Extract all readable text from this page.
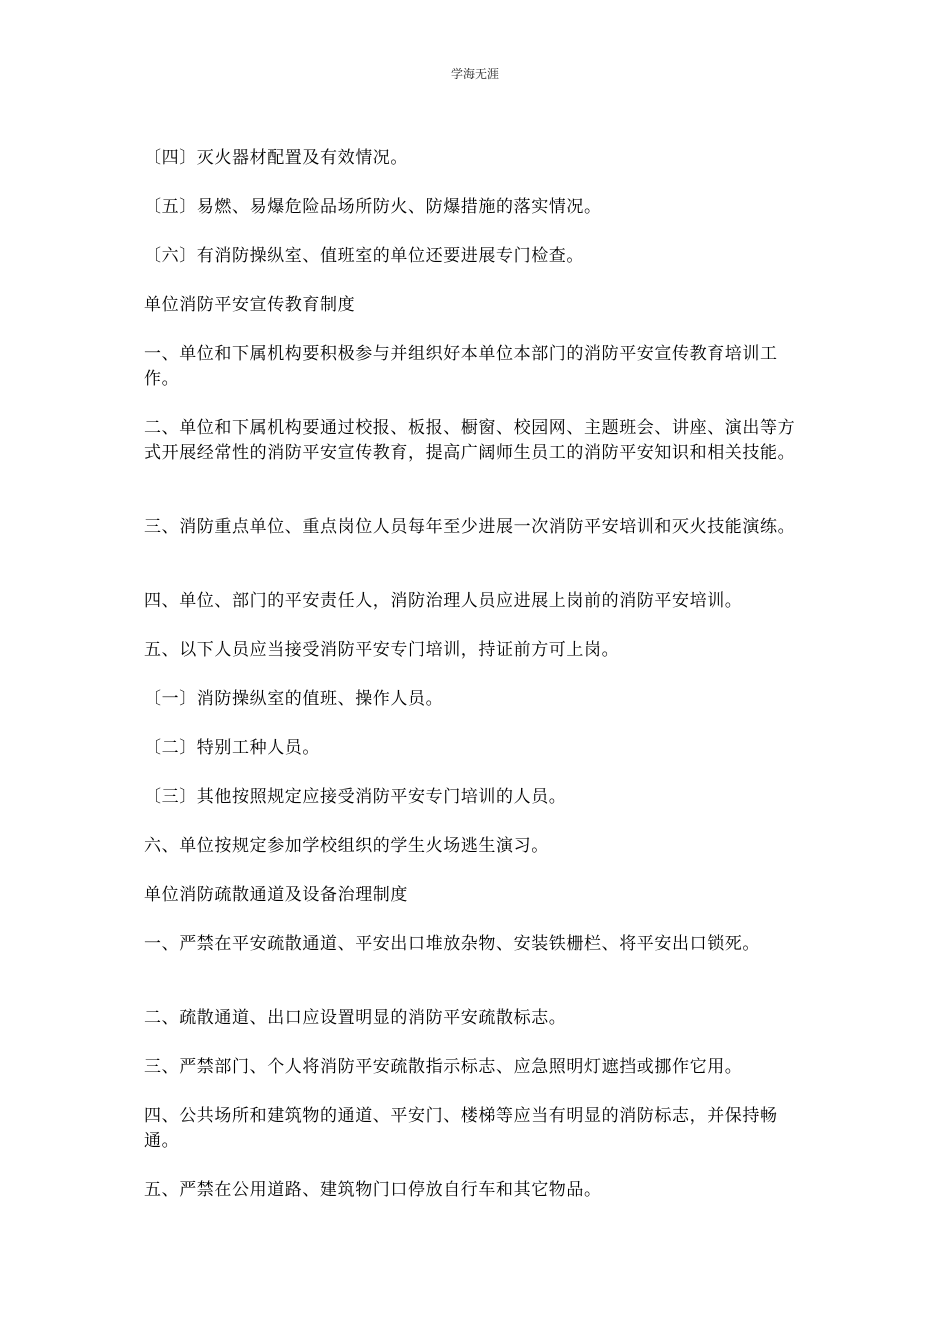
学海无涯

〔四〕灭火器材配置及有效情况。

〔五〕易燃、易爆危险品场所防火、防爆措施的落实情况。

〔六〕有消防操纵室、值班室的单位还要进展专门检查。

单位消防平安宣传教育制度

一、单位和下属机构要积极参与并组织好本单位本部门的消防平安宣传教育培训工作。

二、单位和下属机构要通过校报、板报、橱窗、校园网、主题班会、讲座、演出等方式开展经常性的消防平安宣传教育，提高广阔师生员工的消防平安知识和相关技能。

三、消防重点单位、重点岗位人员每年至少进展一次消防平安培训和灭火技能演练。

四、单位、部门的平安责任人，消防治理人员应进展上岗前的消防平安培训。

五、以下人员应当接受消防平安专门培训，持证前方可上岗。

〔一〕消防操纵室的值班、操作人员。

〔二〕特别工种人员。

〔三〕其他按照规定应接受消防平安专门培训的人员。

六、单位按规定参加学校组织的学生火场逃生演习。

单位消防疏散通道及设备治理制度

一、严禁在平安疏散通道、平安出口堆放杂物、安装铁栅栏、将平安出口锁死。

二、疏散通道、出口应设置明显的消防平安疏散标志。

三、严禁部门、个人将消防平安疏散指示标志、应急照明灯遮挡或挪作它用。

四、公共场所和建筑物的通道、平安门、楼梯等应当有明显的消防标志，并保持畅通。

五、严禁在公用道路、建筑物门口停放自行车和其它物品。
